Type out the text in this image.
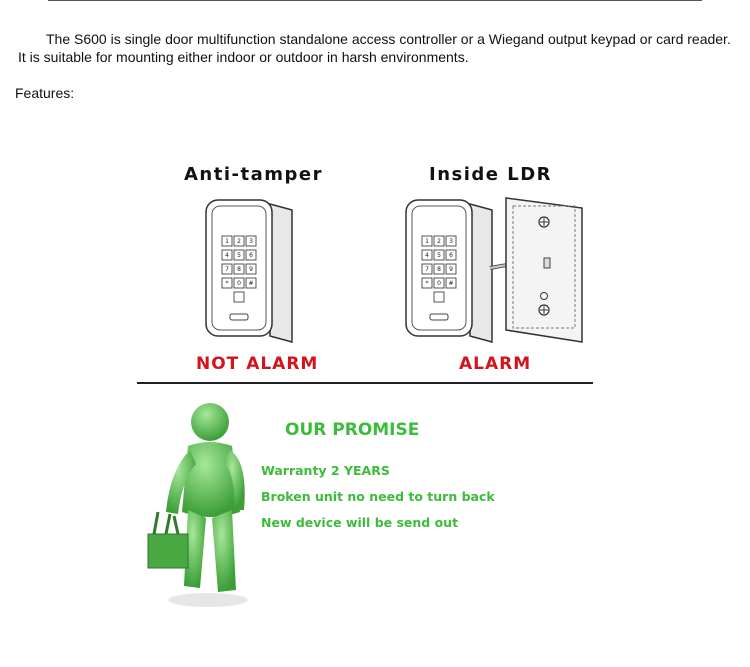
The S600 is single door multifunction standalone access controller or a Wiegand output keypad or card reader.
It is suitable for mounting either indoor or outdoor in harsh environments.
Features:
Anti-tamper
1 2 3
4 5 6
7 8 9
* 0 #
NOT ALARM
Inside LDR
1 2 3
4 5 6
7 8 9
* 0 #
ALARM
OUR PROMISE
Warranty 2 YEARS
Broken unit no need to turn back
New device will be send out
